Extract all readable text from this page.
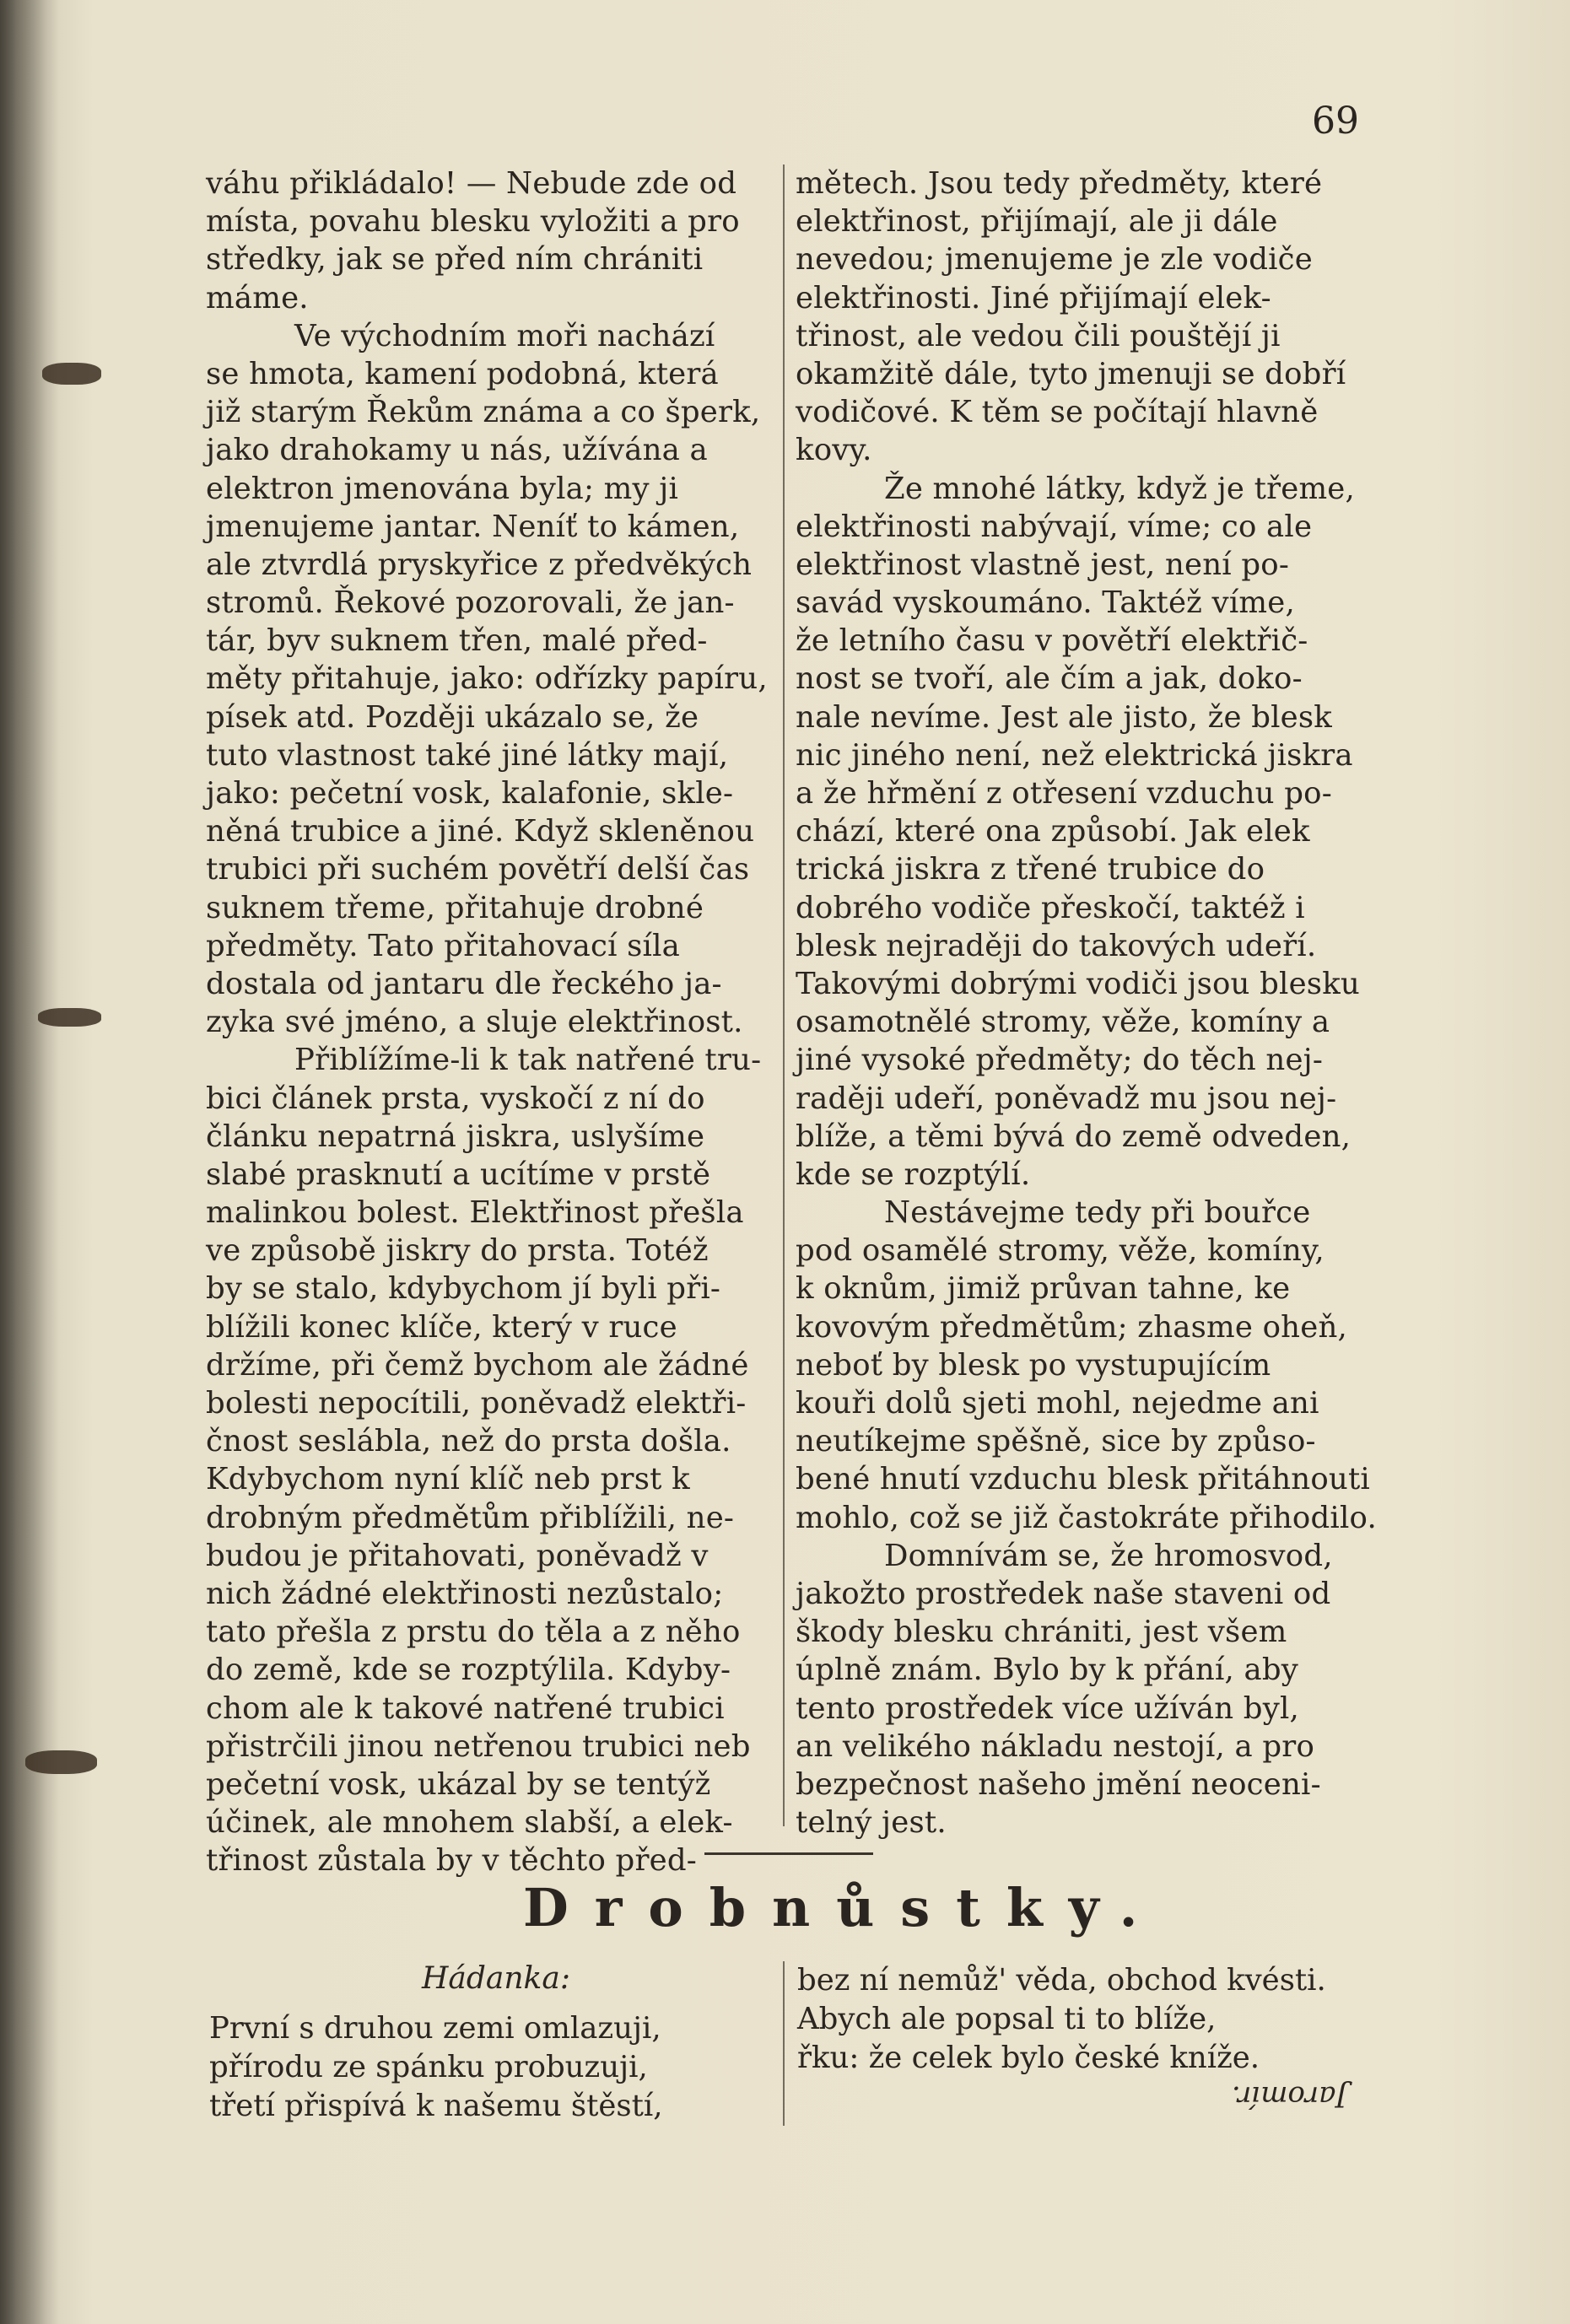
69
váhu přikládalo! — Nebude zde od
místa, povahu blesku vyložiti a pro
středky, jak se před ním chrániti
máme.
Ve východním moři nachází
se hmota, kamení podobná, která
již starým Řekům známa a co šperk,
jako drahokamy u nás, užívána a
elektron jmenována byla; my ji
jmenujeme jantar. Neníť to kámen,
ale ztvrdlá pryskyřice z předvěkých
stromů. Řekové pozorovali, že jan-
tár, byv suknem třen, malé před-
měty přitahuje, jako: odřízky papíru,
písek atd. Později ukázalo se, že
tuto vlastnost také jiné látky mají,
jako: pečetní vosk, kalafonie, skle-
něná trubice a jiné. Když skleněnou
trubici při suchém povětří delší čas
suknem třeme, přitahuje drobné
předměty. Tato přitahovací síla
dostala od jantaru dle řeckého ja-
zyka své jméno, a sluje elektřinost.
Přiblížíme-li k tak natřené tru-
bici článek prsta, vyskočí z ní do
článku nepatrná jiskra, uslyšíme
slabé prasknutí a ucítíme v prstě
malinkou bolest. Elektřinost přešla
ve způsobě jiskry do prsta. Totéž
by se stalo, kdybychom jí byli při-
blížili konec klíče, který v ruce
držíme, při čemž bychom ale žádné
bolesti nepocítili, poněvadž elektři-
čnost seslábla, než do prsta došla.
Kdybychom nyní klíč neb prst k
drobným předmětům přiblížili, ne-
budou je přitahovati, poněvadž v
nich žádné elektřinosti nezůstalo;
tato přešla z prstu do těla a z něho
do země, kde se rozptýlila. Kdyby-
chom ale k takové natřené trubici
přistrčili jinou netřenou trubici neb
pečetní vosk, ukázal by se tentýž
účinek, ale mnohem slabší, a elek-
třinost zůstala by v těchto před-
mětech. Jsou tedy předměty, které
elektřinost, přijímají, ale ji dále
nevedou; jmenujeme je zle vodiče
elektřinosti. Jiné přijímají elek-
třinost, ale vedou čili pouštějí ji
okamžitě dále, tyto jmenuji se dobří
vodičové. K těm se počítají hlavně
kovy.
Že mnohé látky, když je třeme,
elektřinosti nabývají, víme; co ale
elektřinost vlastně jest, není po-
savád vyskoumáno. Taktéž víme,
že letního času v povětří elektřič-
nost se tvoří, ale čím a jak, doko-
nale nevíme. Jest ale jisto, že blesk
nic jiného není, než elektrická jiskra
a že hřmění z otřesení vzduchu po-
chází, které ona způsobí. Jak elek
trická jiskra z třené trubice do
dobrého vodiče přeskočí, taktéž i
blesk nejraději do takových udeří.
Takovými dobrými vodiči jsou blesku
osamotnělé stromy, věže, komíny a
jiné vysoké předměty; do těch nej-
raději udeří, poněvadž mu jsou nej-
blíže, a těmi bývá do země odveden,
kde se rozptýlí.
Nestávejme tedy při bouřce
pod osamělé stromy, věže, komíny,
k oknům, jimiž průvan tahne, ke
kovovým předmětům; zhasme oheň,
neboť by blesk po vystupujícím
kouři dolů sjeti mohl, nejedme ani
neutíkejme spěšně, sice by způso-
bené hnutí vzduchu blesk přitáhnouti
mohlo, což se již častokráte přihodilo.
Domnívám se, že hromosvod,
jakožto prostředek naše staveni od
škody blesku chrániti, jest všem
úplně znám. Bylo by k přání, aby
tento prostředek více užíván byl,
an velikého nákladu nestojí, a pro
bezpečnost našeho jmění neoceni-
telný jest.
Drobnůstky.
Hádanka:
První s druhou zemi omlazuji,
přírodu ze spánku probuzuji,
třetí přispívá k našemu štěstí,
bez ní nemůž' věda, obchod kvésti.
Abych ale popsal ti to blíže,
řku: že celek bylo české kníže.
Jaromír.
